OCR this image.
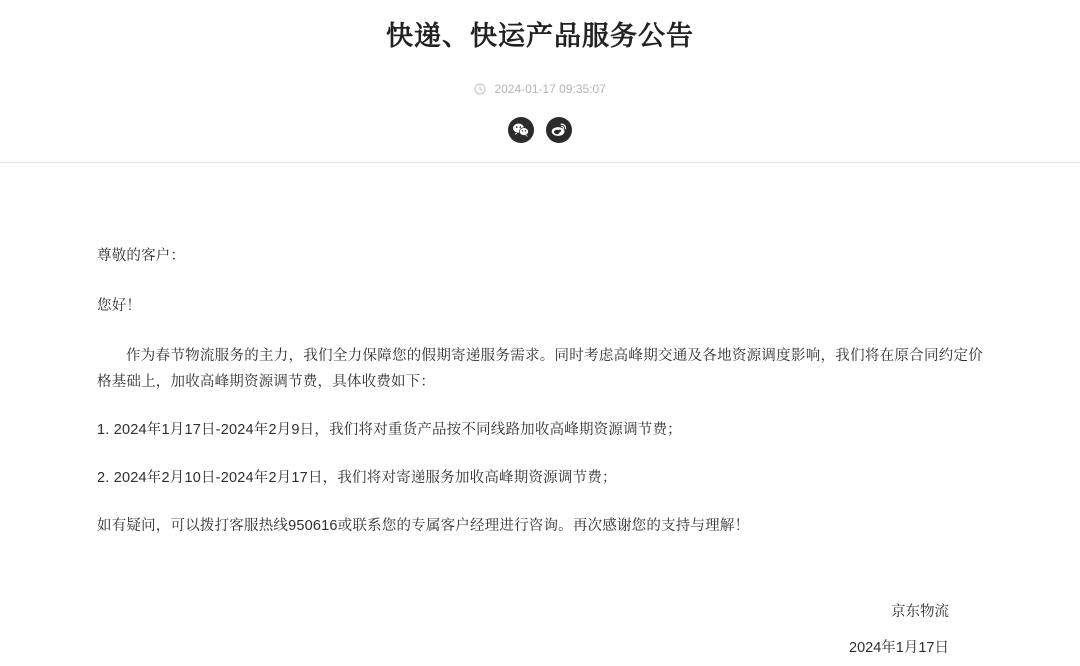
快递、快运产品服务公告
2024-01-17 09:35:07

尊敬的客户：

您好！

作为春节物流服务的主力，我们全力保障您的假期寄递服务需求。同时考虑高峰期交通及各地资源调度影响，我们将在原合同约定价格基础上，加收高峰期资源调节费，具体收费如下：

1. 2024年1月17日-2024年2月9日，我们将对重货产品按不同线路加收高峰期资源调节费；

2. 2024年2月10日-2024年2月17日，我们将对寄递服务加收高峰期资源调节费；

如有疑问，可以拨打客服热线950616或联系您的专属客户经理进行咨询。再次感谢您的支持与理解！

京东物流
2024年1月17日
